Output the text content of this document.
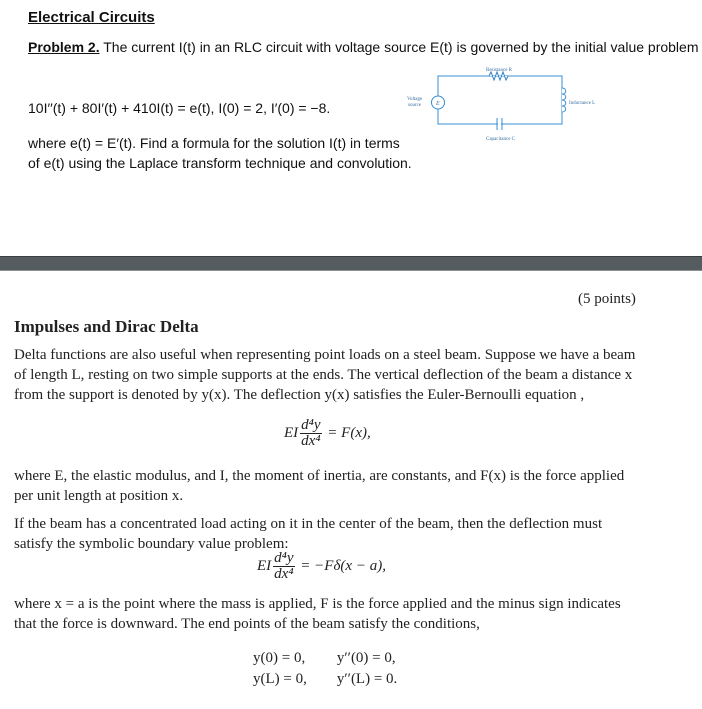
Electrical Circuits
Problem 2. The current I(t) in an RLC circuit with voltage source E(t) is governed by the initial value problem
10I′′(t) + 80I′(t) + 410I(t) = e(t), I(0) = 2, I′(0) = −8.
where e(t) = E′(t). Find a formula for the solution I(t) in terms
of e(t) using the Laplace transform technique and convolution.
Resistance R
Voltage
source E	Inductance L
Capacitance C
(5 points)
Impulses and Dirac Delta
Delta functions are also useful when representing point loads on a steel beam. Suppose we have a beam of length L, resting on two simple supports at the ends. The vertical deflection of the beam a distance x from the support is denoted by y(x). The deflection y(x) satisfies the Euler-Bernoulli equation ,
EI $\frac{\text{d⁴y}}{\text{dx⁴}} = F(x)$,
where E, the elastic modulus, and I, the moment of inertia, are constants, and F(x) is the force applied per unit length at position x.
If the beam has a concentrated load acting on it in the center of the beam, then the deflection must satisfy the symbolic boundary value problem:
EI $\frac{\text{d⁴y}}{\text{dx⁴}} = -F\delta(x - a)$,
where x = a is the point where the mass is applied, F is the force applied and the minus sign indicates that the force is downward. The end points of the beam satisfy the conditions,
y(0) = 0,	y′′(0) = 0,
y(L) = 0,	y′′(L) = 0.
